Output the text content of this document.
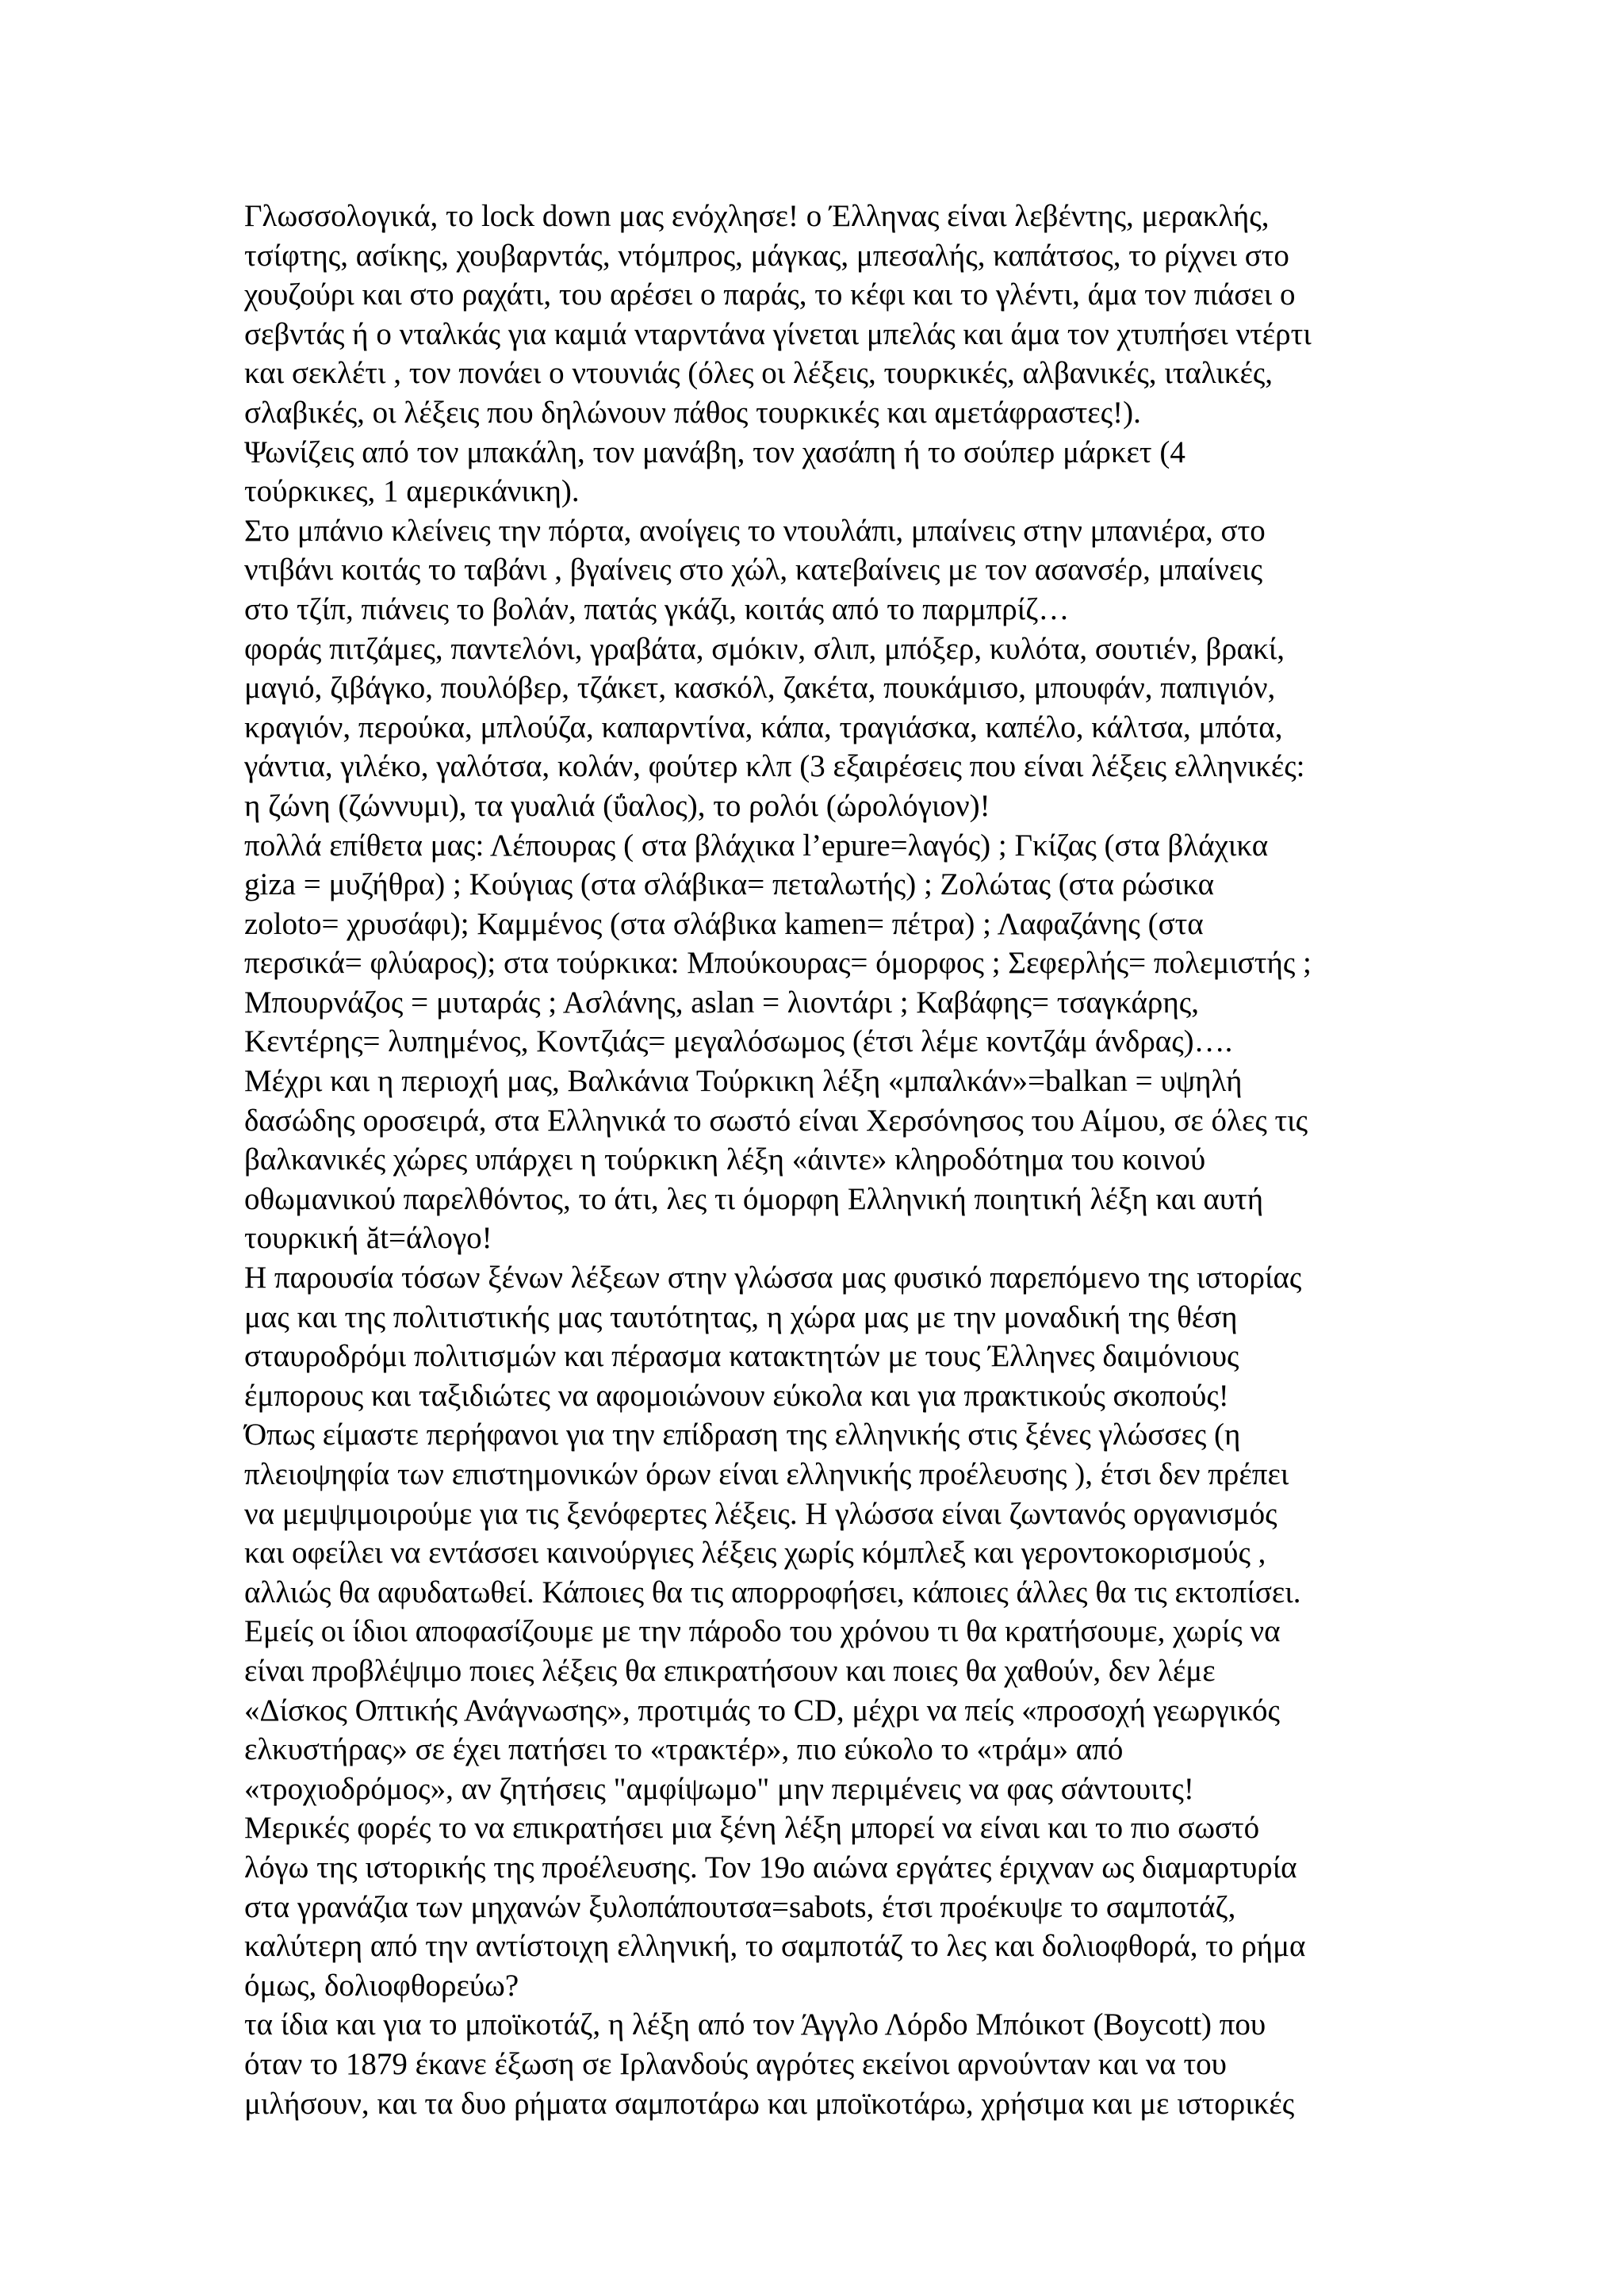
Γλωσσολογικά, το lock down μας ενόχλησε! ο Έλληνας είναι λεβέντης, μερακλής,
τσίφτης, ασίκης, χουβαρντάς, ντόμπρος, μάγκας, μπεσαλής, καπάτσος, το ρίχνει στο
χουζούρι και στο ραχάτι, του αρέσει ο παράς, το κέφι και το γλέντι, άμα τον πιάσει ο
σεβντάς ή ο νταλκάς για καμιά νταρντάνα γίνεται μπελάς και άμα τον χτυπήσει ντέρτι
και σεκλέτι , τον πονάει ο ντουνιάς (όλες οι λέξεις, τουρκικές, αλβανικές, ιταλικές,
σλαβικές, οι λέξεις που δηλώνουν πάθος τουρκικές και αμετάφραστες!).
Ψωνίζεις από τον μπακάλη, τον μανάβη, τον χασάπη ή το σούπερ μάρκετ (4
τούρκικες, 1 αμερικάνικη).
Στο μπάνιο κλείνεις την πόρτα, ανοίγεις το ντουλάπι, μπαίνεις στην μπανιέρα, στο
ντιβάνι κοιτάς το ταβάνι , βγαίνεις στο χώλ, κατεβαίνεις με τον ασανσέρ, μπαίνεις
στο τζίπ, πιάνεις το βολάν, πατάς γκάζι, κοιτάς από το παρμπρίζ…
φοράς πιτζάμες, παντελόνι, γραβάτα, σμόκιν, σλιπ, μπόξερ, κυλότα, σουτιέν, βρακί,
μαγιό, ζιβάγκο, πουλόβερ, τζάκετ, κασκόλ, ζακέτα, πουκάμισο, μπουφάν, παπιγιόν,
κραγιόν, περούκα, μπλούζα, καπαρντίνα, κάπα, τραγιάσκα, καπέλο, κάλτσα, μπότα,
γάντια, γιλέκο, γαλότσα, κολάν, φούτερ κλπ (3 εξαιρέσεις που είναι λέξεις ελληνικές:
η ζώνη (ζώννυμι), τα γυαλιά (ΰαλος), το ρολόι (ώρολόγιον)!
πολλά επίθετα μας: Λέπουρας ( στα βλάχικα l’epure=λαγός) ; Γκίζας (στα βλάχικα
giza = μυζήθρα) ; Κούγιας (στα σλάβικα= πεταλωτής) ; Ζολώτας (στα ρώσικα
zoloto= χρυσάφι); Καμμένος (στα σλάβικα kamen= πέτρα) ; Λαφαζάνης (στα
περσικά= φλύαρος); στα τούρκικα: Μπούκουρας= όμορφος ; Σεφερλής= πολεμιστής ;
Μπουρνάζος = μυταράς ; Ασλάνης, aslan = λιοντάρι ; Καβάφης= τσαγκάρης,
Κεντέρης= λυπημένος, Κοντζιάς= μεγαλόσωμος (έτσι λέμε κοντζάμ άνδρας)….
Μέχρι και η περιοχή μας, Βαλκάνια Τούρκικη λέξη «μπαλκάν»=balkan = υψηλή
δασώδης οροσειρά, στα Ελληνικά το σωστό είναι Χερσόνησος του Αίμου, σε όλες τις
βαλκανικές χώρες υπάρχει η τούρκικη λέξη «άιντε» κληροδότημα του κοινού
οθωμανικού παρελθόντος, το άτι, λες τι όμορφη Ελληνική ποιητική λέξη και αυτή
τουρκική ăt=άλογο!
Η παρουσία τόσων ξένων λέξεων στην γλώσσα μας φυσικό παρεπόμενο της ιστορίας
μας και της πολιτιστικής μας ταυτότητας, η χώρα μας με την μοναδική της θέση
σταυροδρόμι πολιτισμών και πέρασμα κατακτητών με τους Έλληνες δαιμόνιους
έμπορους και ταξιδιώτες να αφομοιώνουν εύκολα και για πρακτικούς σκοπούς!
Όπως είμαστε περήφανοι για την επίδραση της ελληνικής στις ξένες γλώσσες (η
πλειοψηφία των επιστημονικών όρων είναι ελληνικής προέλευσης ), έτσι δεν πρέπει
να μεμψιμοιρούμε για τις ξενόφερτες λέξεις. Η γλώσσα είναι ζωντανός οργανισμός
και οφείλει να εντάσσει καινούργιες λέξεις χωρίς κόμπλεξ και γεροντοκορισμούς ,
αλλιώς θα αφυδατωθεί. Κάποιες θα τις απορροφήσει, κάποιες άλλες θα τις εκτοπίσει.
Εμείς οι ίδιοι αποφασίζουμε με την πάροδο του χρόνου τι θα κρατήσουμε, χωρίς να
είναι προβλέψιμο ποιες λέξεις θα επικρατήσουν και ποιες θα χαθούν, δεν λέμε
«Δίσκος Οπτικής Ανάγνωσης», προτιμάς το CD, μέχρι να πείς «προσοχή γεωργικός
ελκυστήρας» σε έχει πατήσει το «τρακτέρ», πιο εύκολο το «τράμ» από
«τροχιοδρόμος», αν ζητήσεις "αμφίψωμο" μην περιμένεις να φας σάντουιτς!
Μερικές φορές το να επικρατήσει μια ξένη λέξη μπορεί να είναι και το πιο σωστό
λόγω της ιστορικής της προέλευσης. Τον 19ο αιώνα εργάτες έριχναν ως διαμαρτυρία
στα γρανάζια των μηχανών ξυλοπάπουτσα=sabots, έτσι προέκυψε το σαμποτάζ,
καλύτερη από την αντίστοιχη ελληνική, το σαμποτάζ το λες και δολιοφθορά, το ρήμα
όμως, δολιοφθορεύω?
τα ίδια και για το μποϊκοτάζ, η λέξη από τον Άγγλο Λόρδο Μπόικοτ (Boycott) που
όταν το 1879 έκανε έξωση σε Ιρλανδούς αγρότες εκείνοι αρνούνταν και να του
μιλήσουν, και τα δυο ρήματα σαμποτάρω και μποϊκοτάρω, χρήσιμα και με ιστορικές
